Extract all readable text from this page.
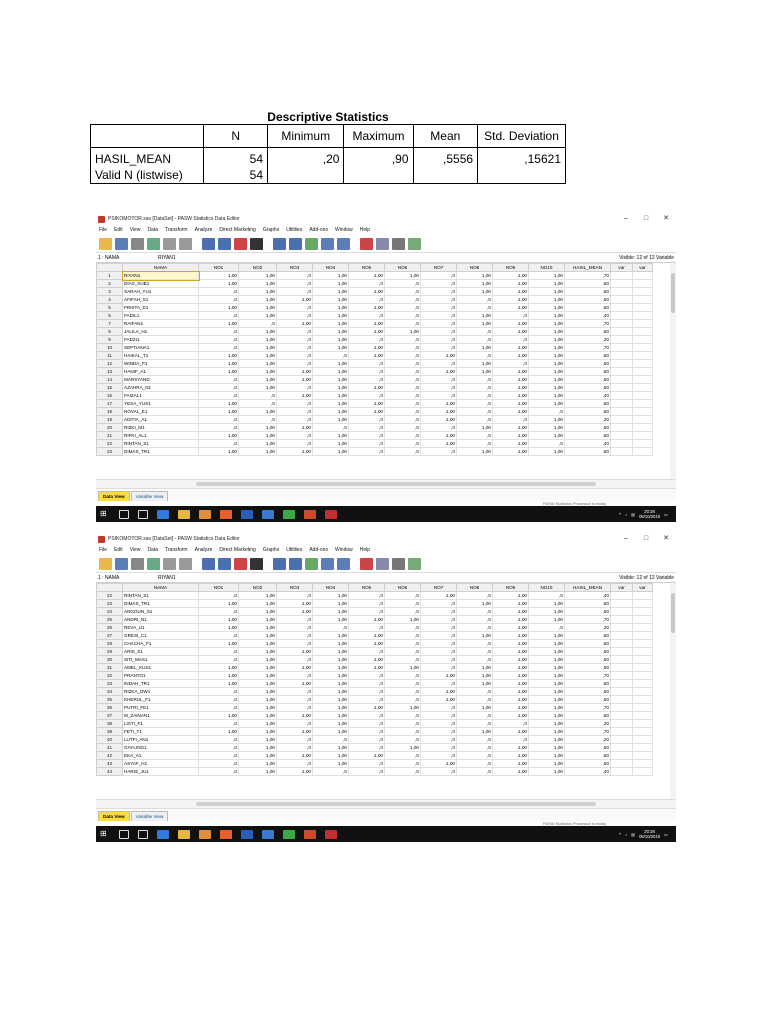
Descriptive Statistics
	N	Minimum	Maximum	Mean	Std. Deviation
HASIL_MEAN	54	,20	,90	,5556	,15621
Valid N (listwise)	54				
PSIKOMOTOR.sav [DataSet] - PASW Statistics Data Editor	–	□	✕
File Edit View Data Transform Analyze Direct Marketing Graphs Utilities Add-ons Window Help
1 : NAMA	RIYAN1	Visible: 12 of 12 Variable
	NAMA	NO1	NO2	NO3	NO4	NO5	NO6	NO7	NO8	NO9	NO10	HASIL_MEAN	var	var
1	RIYAN1	1,00	1,00	,0	1,00	1,00	1,00	,0	1,00	1,00	1,00	,70		
2	DIAS_SUB1	1,00	1,00	,0	1,00	,0	,0	,0	1,00	1,00	1,00	,60		
3	SARAH_YU1	,0	1,00	,0	1,00	1,00	,0	,0	1,00	1,00	1,00	,60		
4	AFIFAH_S1	,0	1,00	1,00	1,00	,0	,0	,0	,0	1,00	1,00	,50		
5	FRISTA_D1	1,00	1,00	,0	1,00	1,00	,0	,0	,0	1,00	1,00	,60		
6	FADIL1	,0	1,00	,0	1,00	,0	,0	,0	1,00	,0	1,00	,40		
7	RAIFAN1	1,00	,0	1,00	1,00	1,00	,0	,0	1,00	1,00	1,00	,70		
8	JALILA_H1	,0	1,00	,0	1,00	1,00	1,00	,0	,0	1,00	1,00	,60		
9	FADZI1	,0	1,00	,0	1,00	,0	,0	,0	,0	,0	1,00	,30		
10	SEPTIANA1	,0	1,00	,0	1,00	1,00	,0	,0	1,00	1,00	1,00	,70		
11	HAIKAL_T1	1,00	1,00	,0	,0	1,00	,0	1,00	,0	1,00	1,00	,60		
12	WINDA_P1	1,00	1,00	,0	1,00	,0	,0	,0	1,00	,0	1,00	,50		
13	HANIF_A1	1,00	1,00	1,00	1,00	,0	,0	1,00	1,00	1,00	1,00	,80		
14	MARSYAND	,0	1,00	1,00	1,00	,0	,0	,0	,0	1,00	1,00	,50		
15	AZAHRA_N1	,0	1,00	,0	1,00	1,00	,0	,0	,0	1,00	1,00	,50		
16	FAIZAL1	,0	,0	1,00	1,00	,0	,0	,0	,0	1,00	1,00	,40		
17	YESA_YUS1	1,00	,0	,0	1,00	1,00	,0	1,00	,0	1,00	1,00	,60		
18	NOVAL_E1	1,00	1,00	,0	1,00	1,00	,0	1,00	,0	1,00	,0	,60		
19	ADITIA_A1	,0	,0	,0	1,00	,0	,0	1,00	,0	,0	1,00	,30		
20	RIZKI_M1	,0	1,00	1,00	,0	,0	,0	,0	1,00	1,00	1,00	,50		
21	RIFKI_AL1	1,00	1,00	,0	1,00	,0	,0	1,00	,0	1,00	1,00	,60		
22	RINTAN_S1	,0	1,00	,0	1,00	,0	,0	1,00	,0	1,00	,0	,40		
23	DIMAS_TR1	1,00	1,00	1,00	1,00	,0	,0	,0	1,00	1,00	1,00	,80		
Data View	Variable View
PASW Statistics Processor is ready
⊞	^ ♪ ▤	20:38
05/10/2016 ▭
PSIKOMOTOR.sav [DataSet] - PASW Statistics Data Editor	–	□	✕
File Edit View Data Transform Analyze Direct Marketing Graphs Utilities Add-ons Window Help
1 : NAMA	RIYAN1	Visible: 12 of 12 Variable
	NAMA	NO1	NO2	NO3	NO4	NO5	NO6	NO7	NO8	NO9	NO10	HASIL_MEAN	var	var
22	RINTAN_S1	,0	1,00	,0	1,00	,0	,0	1,00	,0	1,00	,0	,40		
23	DIMAS_TR1	1,00	1,00	1,00	1,00	,0	,0	,0	1,00	1,00	1,00	,80		
24	ANGGUN_S1	,0	1,00	1,00	1,00	,0	,0	,0	,0	1,00	1,00	,50		
25	ANDRI_N1	1,00	1,00	,0	1,00	1,00	1,00	,0	,0	1,00	1,00	,70		
26	REVA_U1	1,00	1,00	,0	,0	,0	,0	,0	,0	1,00	,0	,30		
27	GRESI_C1	,0	1,00	,0	1,00	1,00	,0	,0	1,00	1,00	1,00	,60		
28	CHACHA_F1	1,00	1,00	,0	1,00	1,00	,0	,0	,0	1,00	1,00	,60		
29	ARIS_S1	,0	1,00	1,00	1,00	,0	,0	,0	,0	1,00	1,00	,50		
30	SITI_MAS1	,0	1,00	,0	1,00	1,00	,0	,0	,0	1,00	1,00	,50		
31	AMEL_KUS1	1,00	1,00	1,00	1,00	1,00	1,00	,0	1,00	1,00	1,00	,90		
32	PRANTO1	1,00	1,00	,0	1,00	,0	,0	1,00	1,00	1,00	1,00	,70		
33	INDAH_TR1	1,00	1,00	1,00	1,00	,0	,0	,0	1,00	1,00	1,00	,80		
34	RIZKA_DW1	,0	1,00	,0	1,00	,0	,0	1,00	,0	1,00	1,00	,50		
35	KHERUL_F1	,0	1,00	,0	1,00	,0	,0	1,00	,0	1,00	1,00	,50		
36	PUTRI_FE1	,0	1,00	,0	1,00	1,00	1,00	,0	1,00	1,00	1,00	,70		
37	M_ZAINAN1	1,00	1,00	1,00	1,00	,0	,0	,0	,0	1,00	1,00	,60		
38	LISTI_F1	,0	1,00	,0	1,00	,0	,0	,0	,0	,0	1,00	,30		
39	FETI_T1	1,00	1,00	1,00	1,00	,0	,0	,0	1,00	1,00	1,00	,70		
40	LUTFI_AN1	,0	1,00	,0	,0	,0	,0	,0	,0	,0	1,00	,20		
41	GAYLING1	,0	1,00	,0	1,00	,0	1,00	,0	,0	1,00	1,00	,50		
42	EKA_A1	,0	1,00	1,00	1,00	1,00	,0	,0	,0	1,00	1,00	,60		
43	ASYAF_H1	,0	1,00	,0	1,00	,0	,0	1,00	,0	1,00	1,00	,50		
44	HARIS_JU1	,0	1,00	1,00	,0	,0	,0	,0	,0	1,00	1,00	,40		
Data View	Variable View
PASW Statistics Processor is ready
⊞	^ ♪ ▤	20:38
05/10/2016 ▭
